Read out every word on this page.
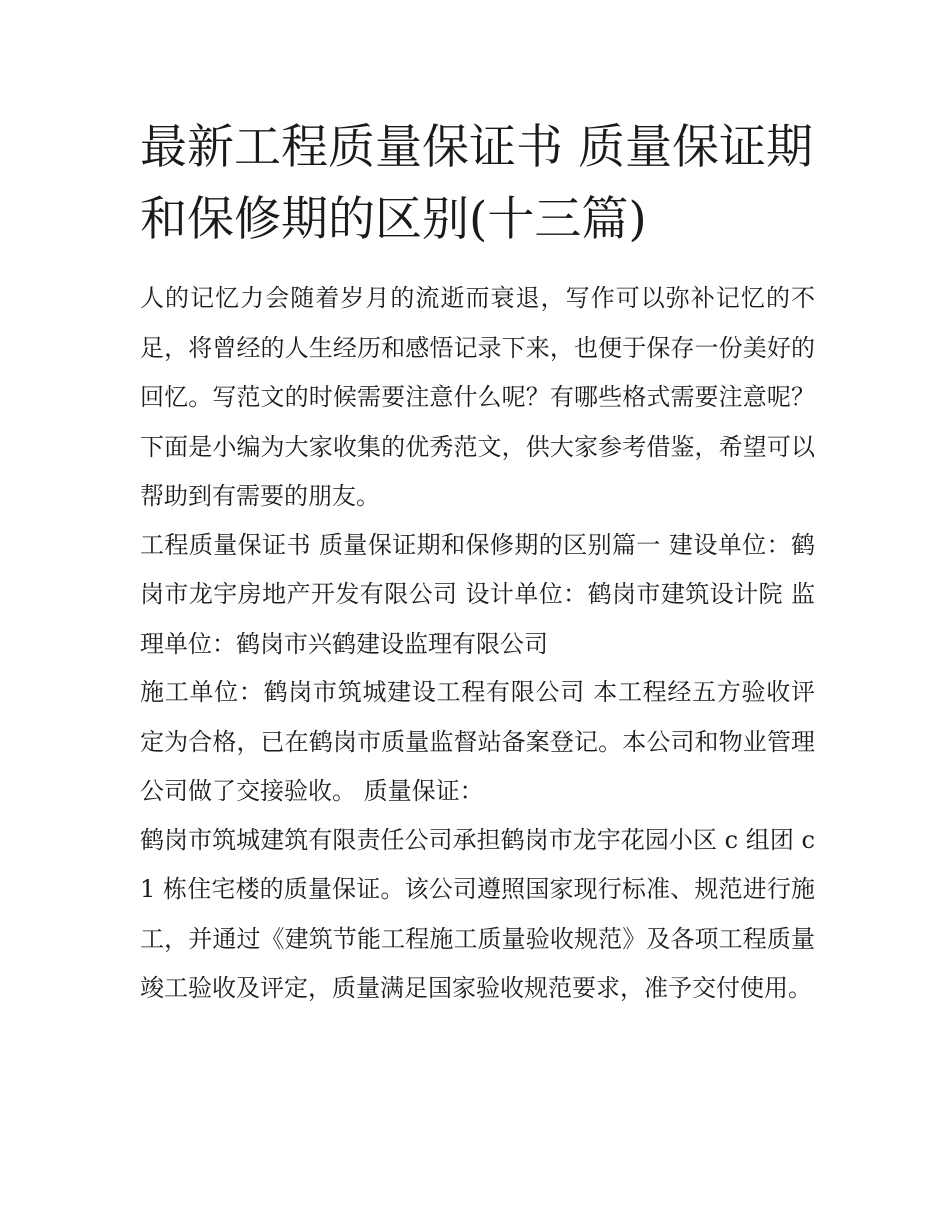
最新工程质量保证书 质量保证期和保修期的区别(十三篇)

人的记忆力会随着岁月的流逝而衰退，写作可以弥补记忆的不足，将曾经的人生经历和感悟记录下来，也便于保存一份美好的回忆。写范文的时候需要注意什么呢？有哪些格式需要注意呢？下面是小编为大家收集的优秀范文，供大家参考借鉴，希望可以帮助到有需要的朋友。

工程质量保证书 质量保证期和保修期的区别篇一 建设单位：鹤岗市龙宇房地产开发有限公司 设计单位：鹤岗市建筑设计院 监理单位：鹤岗市兴鹤建设监理有限公司

施工单位：鹤岗市筑城建设工程有限公司 本工程经五方验收评定为合格，已在鹤岗市质量监督站备案登记。本公司和物业管理公司做了交接验收。 质量保证：

鹤岗市筑城建筑有限责任公司承担鹤岗市龙宇花园小区 c 组团 c1 栋住宅楼的质量保证。该公司遵照国家现行标准、规范进行施工，并通过《建筑节能工程施工质量验收规范》及各项工程质量竣工验收及评定，质量满足国家验收规范要求，准予交付使用。
